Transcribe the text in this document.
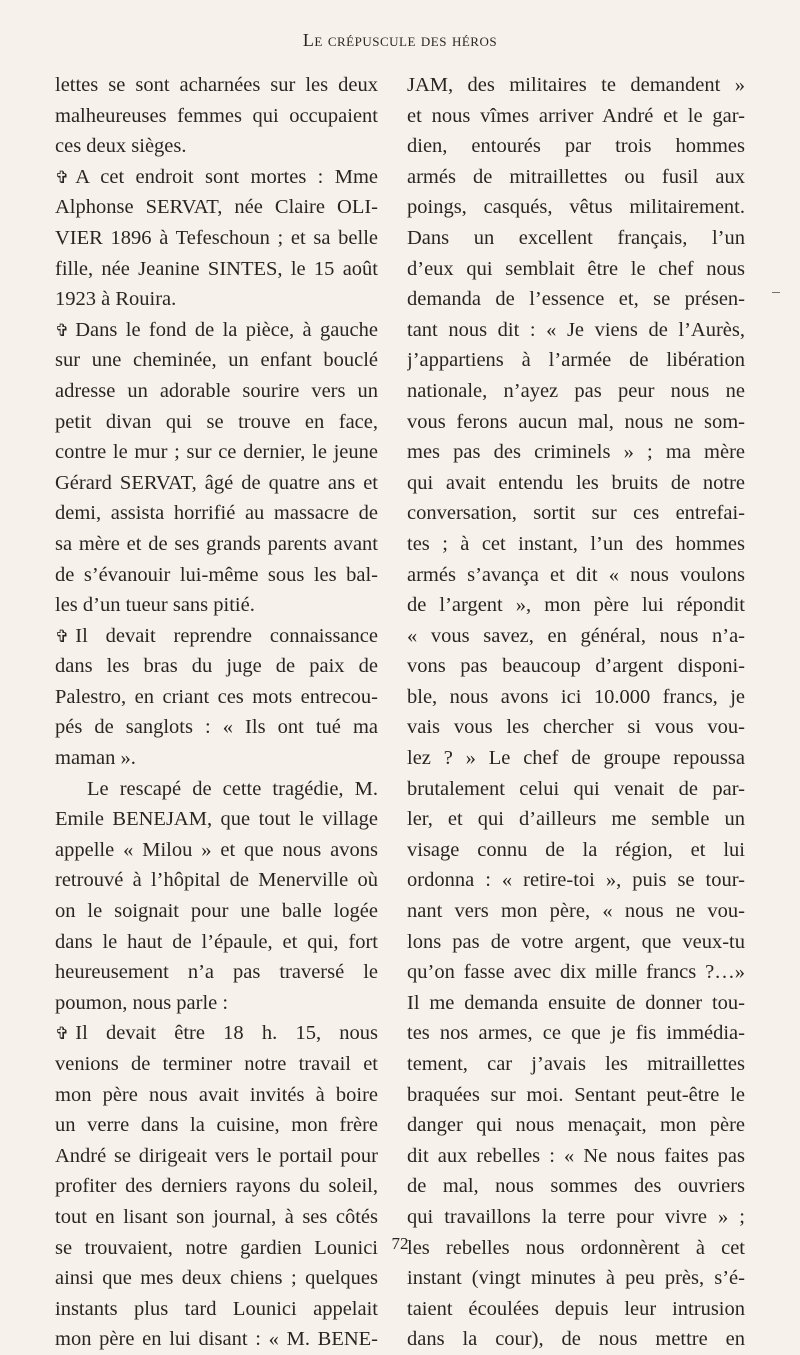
Le crépuscule des héros
lettes se sont acharnées sur les deux
malheureuses femmes qui occupaient
ces deux sièges.
✞ A cet endroit sont mortes : Mme
Alphonse SERVAT, née Claire OLI-
VIER 1896 à Tefeschoun ; et sa belle
fille, née Jeanine SINTES, le 15 août
1923 à Rouira.
✞ Dans le fond de la pièce, à gauche
sur une cheminée, un enfant bouclé
adresse un adorable sourire vers un
petit divan qui se trouve en face,
contre le mur ; sur ce dernier, le jeune
Gérard SERVAT, âgé de quatre ans et
demi, assista horrifié au massacre de
sa mère et de ses grands parents avant
de s’évanouir lui-même sous les bal-
les d’un tueur sans pitié.
✞ Il devait reprendre connaissance
dans les bras du juge de paix de
Palestro, en criant ces mots entrecou-
pés de sanglots : « Ils ont tué ma
maman ».
Le rescapé de cette tragédie, M.
Emile BENEJAM, que tout le village
appelle « Milou » et que nous avons
retrouvé à l’hôpital de Menerville où
on le soignait pour une balle logée
dans le haut de l’épaule, et qui, fort
heureusement n’a pas traversé le
poumon, nous parle :
✞ Il devait être 18 h. 15, nous
venions de terminer notre travail et
mon père nous avait invités à boire
un verre dans la cuisine, mon frère
André se dirigeait vers le portail pour
profiter des derniers rayons du soleil,
tout en lisant son journal, à ses côtés
se trouvaient, notre gardien Lounici
ainsi que mes deux chiens ; quelques
instants plus tard Lounici appelait
mon père en lui disant : « M. BENE-
JAM, des militaires te demandent »
et nous vîmes arriver André et le gar-
dien, entourés par trois hommes
armés de mitraillettes ou fusil aux
poings, casqués, vêtus militairement.
Dans un excellent français, l’un
d’eux qui semblait être le chef nous
demanda de l’essence et, se présen-
tant nous dit : « Je viens de l’Aurès,
j’appartiens à l’armée de libération
nationale, n’ayez pas peur nous ne
vous ferons aucun mal, nous ne som-
mes pas des criminels » ; ma mère
qui avait entendu les bruits de notre
conversation, sortit sur ces entrefai-
tes ; à cet instant, l’un des hommes
armés s’avança et dit « nous voulons
de l’argent », mon père lui répondit
« vous savez, en général, nous n’a-
vons pas beaucoup d’argent disponi-
ble, nous avons ici 10.000 francs, je
vais vous les chercher si vous vou-
lez ? » Le chef de groupe repoussa
brutalement celui qui venait de par-
ler, et qui d’ailleurs me semble un
visage connu de la région, et lui
ordonna : « retire-toi », puis se tour-
nant vers mon père, « nous ne vou-
lons pas de votre argent, que veux-tu
qu’on fasse avec dix mille francs ?…»
Il me demanda ensuite de donner tou-
tes nos armes, ce que je fis immédia-
tement, car j’avais les mitraillettes
braquées sur moi. Sentant peut-être le
danger qui nous menaçait, mon père
dit aux rebelles : « Ne nous faites pas
de mal, nous sommes des ouvriers
qui travaillons la terre pour vivre » ;
les rebelles nous ordonnèrent à cet
instant (vingt minutes à peu près, s’é-
taient écoulées depuis leur intrusion
dans la cour), de nous mettre en
72
